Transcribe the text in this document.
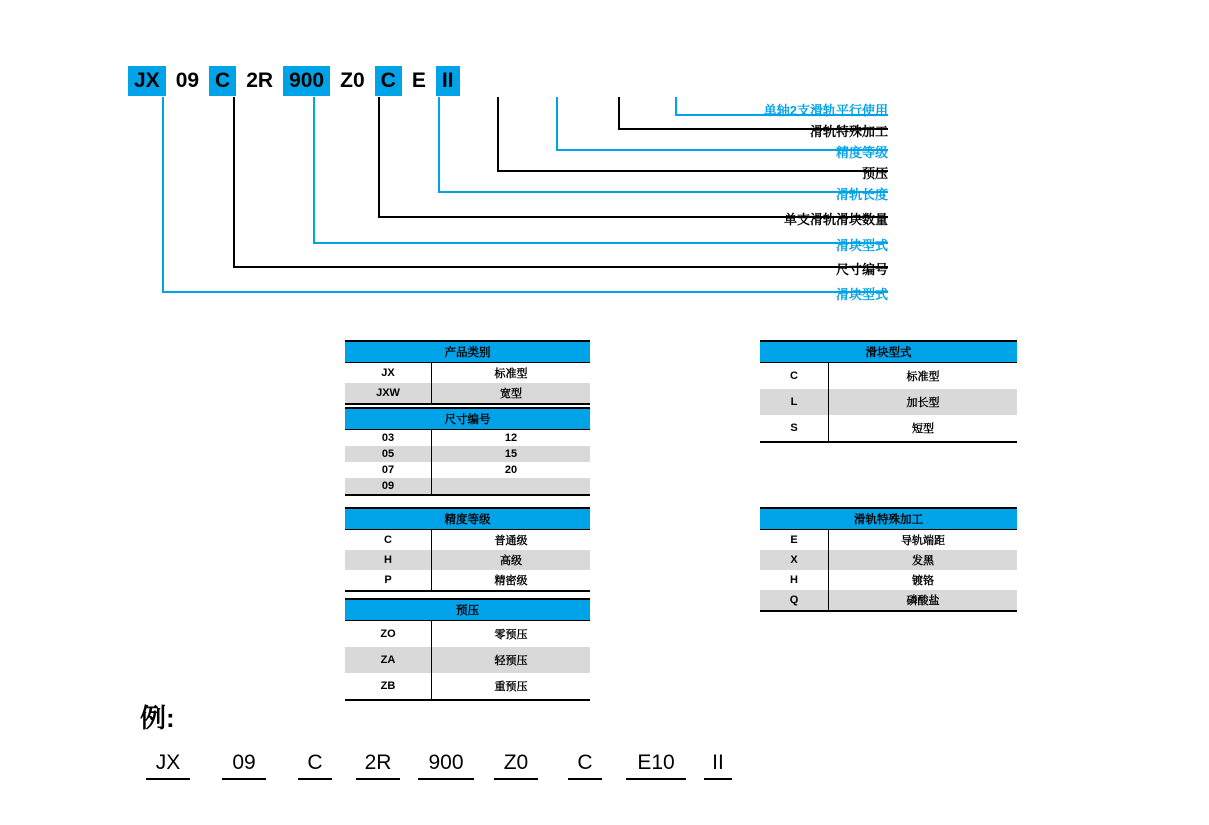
JX 09 C 2R 900 Z0 C E II
单轴2支滑轨平行使用
滑轨特殊加工
精度等级
预压
滑轨长度
单支滑轨滑块数量
滑块型式
尺寸编号
滑块型式
产品类别	
JX	标准型
JXW	宽型
尺寸编号	
03	12
05	15
07	20
09	
精度等级	
C	普通级
H	高级
P	精密级
预压	
ZO	零预压
ZA	轻预压
ZB	重预压
滑块型式	
C	标准型
L	加长型
S	短型
滑轨特殊加工	
E	导轨端距
X	发黑
H	镀铬
Q	磷酸盐
例:
JX	09	C	2R	900	Z0	C	E10	II
